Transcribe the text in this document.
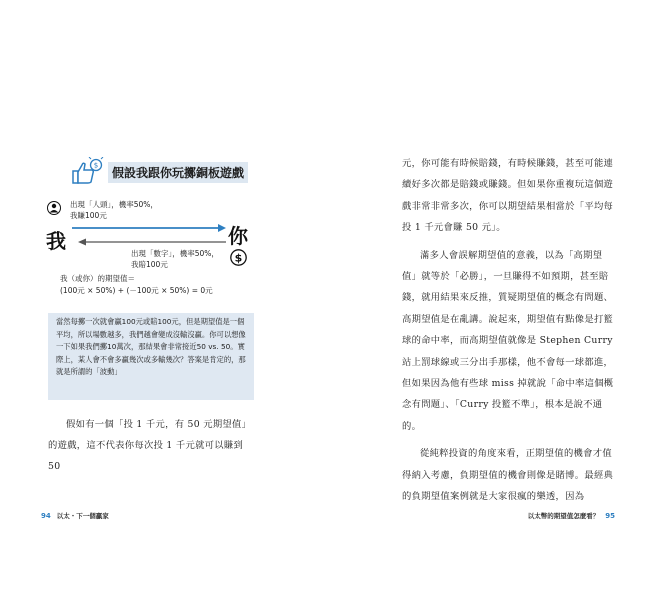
$	假設我跟你玩擲銅板遊戲
我	你
$
出現「人頭」，機率50%，
我賺100元
出現「數字」，機率50%，
我賠100元
我（或你）的期望值＝
(100元 × 50%) + (－100元 × 50%) = 0元
當然每擲一次就會贏100元或賠100元，但是期望值是一個平均，所以場數越多，我們越會變成沒輸沒贏。你可以想像一下如果我們擲10萬次，那結果會非常接近50 vs. 50。實際上，某人會不會多贏幾次或多輸幾次？答案是肯定的，那就是所謂的「波動」
假如有一個「投 1 千元，有 50 元期望值」的遊戲，這不代表你每次投 1 千元就可以賺到 50
94 以太・下一個贏家

元，你可能有時候賠錢，有時候賺錢，甚至可能連續好多次都是賠錢或賺錢。但如果你重複玩這個遊戲非常非常多次，你可以期望結果相當於「平均每投 1 千元會賺 50 元」。

滿多人會誤解期望值的意義，以為「高期望值」就等於「必勝」，一旦賺得不如預期，甚至賠錢，就用結果來反推，質疑期望值的概念有問題、高期望值是在亂講。說起來，期望值有點像是打籃球的命中率，而高期望值就像是 Stephen Curry 站上罰球線或三分出手那樣，他不會每一球都進，但如果因為他有些球 miss 掉就說「命中率這個概念有問題」、「Curry 投籃不準」，根本是說不通的。

從純粹投資的角度來看，正期望值的機會才值得納入考慮，負期望值的機會則像是賭博。最經典的負期望值案例就是大家很瘋的樂透，因為

以太幣的期望值怎麼看？ 95
